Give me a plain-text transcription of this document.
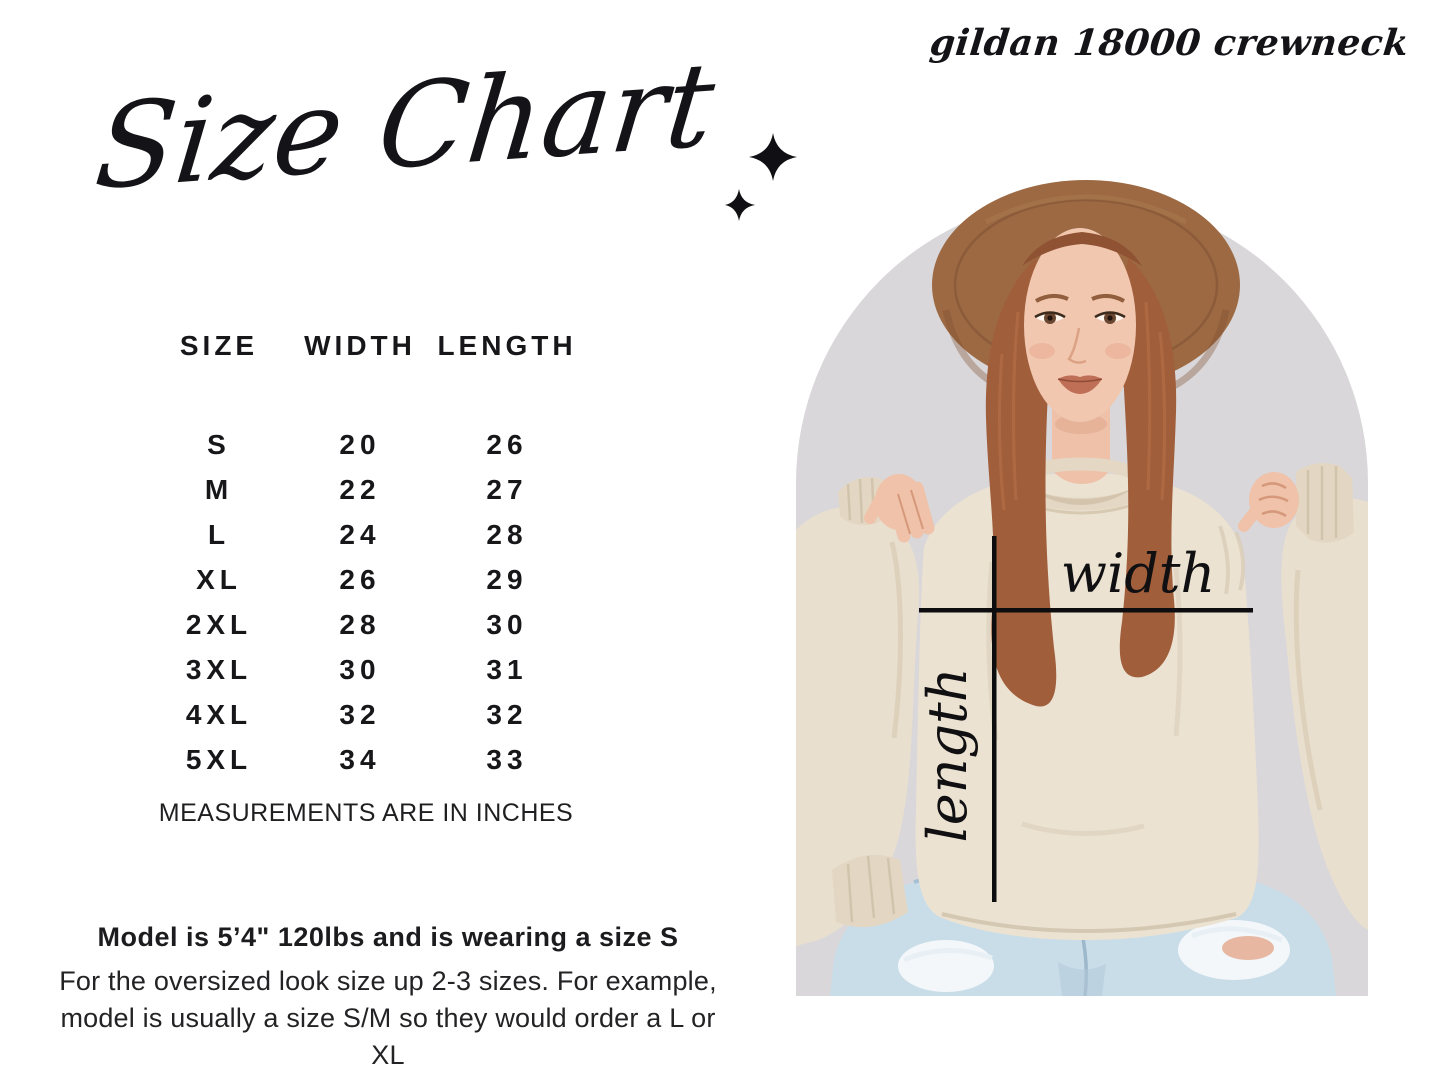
gildan 18000 crewneck
Size Chart
SIZE	WIDTH LENGTH
S	20	26
M	22	27
L	24	28
XL	26	29
2XL	28	30
3XL	30	31
4XL	32	32
5XL	34	33
MEASUREMENTS ARE IN INCHES
Model is 5’4" 120lbs and is wearing a size S
For the oversized look size up 2-3 sizes. For example,
model is usually a size S/M so they would order a L or XL
width
length
